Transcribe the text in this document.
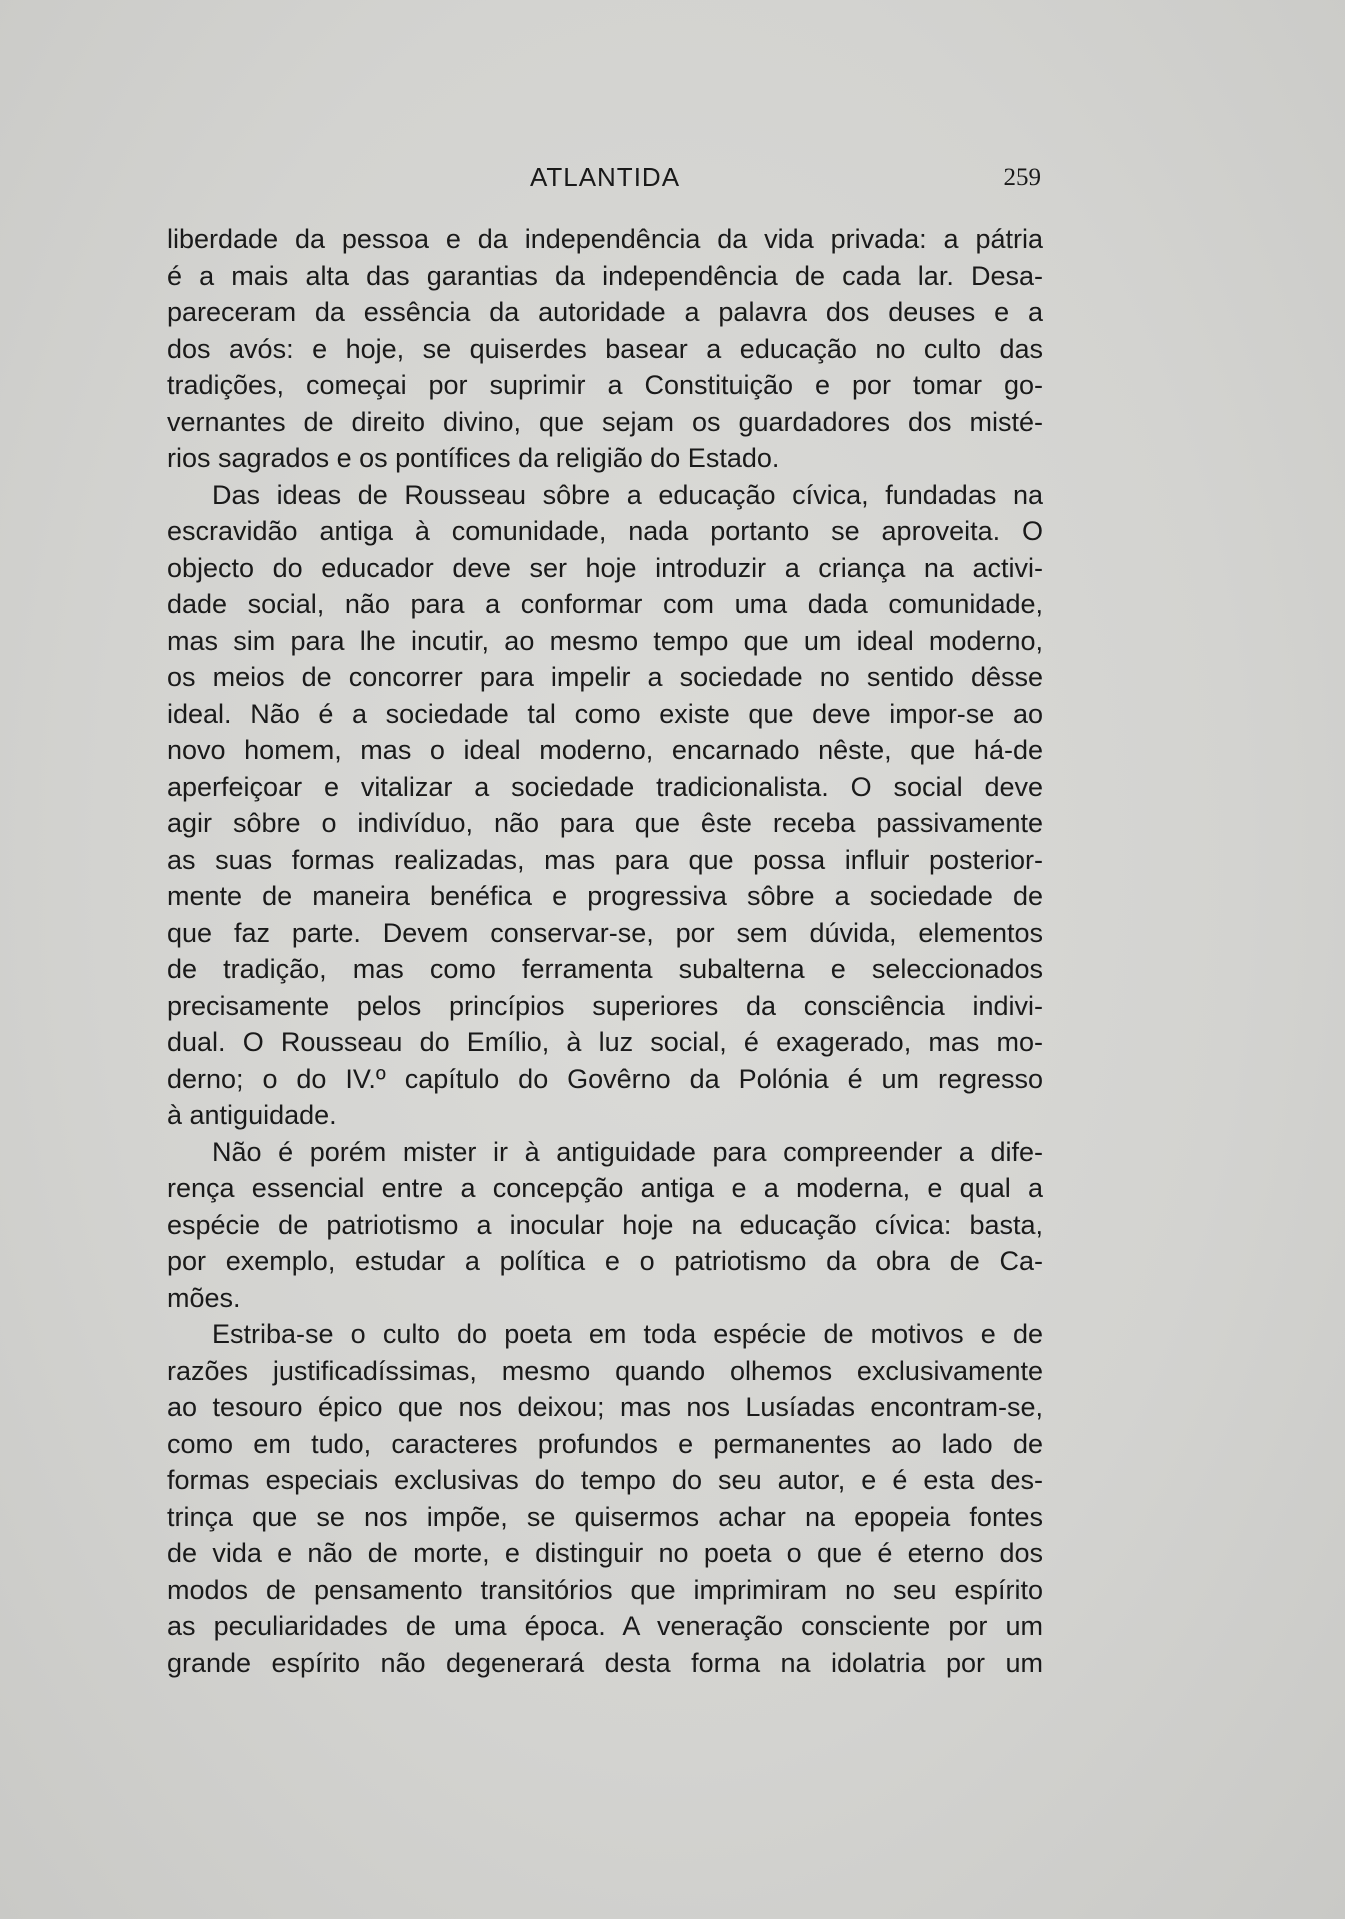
ATLANTIDA	259
liberdade da pessoa e da independência da vida privada: a pátria
é a mais alta das garantias da independência de cada lar. Desa-
pareceram da essência da autoridade a palavra dos deuses e a
dos avós: e hoje, se quiserdes basear a educação no culto das
tradições, começai por suprimir a Constituição e por tomar go-
vernantes de direito divino, que sejam os guardadores dos misté-
rios sagrados e os pontífices da religião do Estado.
Das ideas de Rousseau sôbre a educação cívica, fundadas na
escravidão antiga à comunidade, nada portanto se aproveita. O
objecto do educador deve ser hoje introduzir a criança na activi-
dade social, não para a conformar com uma dada comunidade,
mas sim para lhe incutir, ao mesmo tempo que um ideal moderno,
os meios de concorrer para impelir a sociedade no sentido dêsse
ideal. Não é a sociedade tal como existe que deve impor-se ao
novo homem, mas o ideal moderno, encarnado nêste, que há-de
aperfeiçoar e vitalizar a sociedade tradicionalista. O social deve
agir sôbre o indivíduo, não para que êste receba passivamente
as suas formas realizadas, mas para que possa influir posterior-
mente de maneira benéfica e progressiva sôbre a sociedade de
que faz parte. Devem conservar-se, por sem dúvida, elementos
de tradição, mas como ferramenta subalterna e seleccionados
precisamente pelos princípios superiores da consciência indivi-
dual. O Rousseau do Emílio, à luz social, é exagerado, mas mo-
derno; o do IV.º capítulo do Govêrno da Polónia é um regresso
à antiguidade.
Não é porém mister ir à antiguidade para compreender a dife-
rença essencial entre a concepção antiga e a moderna, e qual a
espécie de patriotismo a inocular hoje na educação cívica: basta,
por exemplo, estudar a política e o patriotismo da obra de Ca-
mões.
Estriba-se o culto do poeta em toda espécie de motivos e de
razões justificadíssimas, mesmo quando olhemos exclusivamente
ao tesouro épico que nos deixou; mas nos Lusíadas encontram-se,
como em tudo, caracteres profundos e permanentes ao lado de
formas especiais exclusivas do tempo do seu autor, e é esta des-
trinça que se nos impõe, se quisermos achar na epopeia fontes
de vida e não de morte, e distinguir no poeta o que é eterno dos
modos de pensamento transitórios que imprimiram no seu espírito
as peculiaridades de uma época. A veneração consciente por um
grande espírito não degenerará desta forma na idolatria por um
